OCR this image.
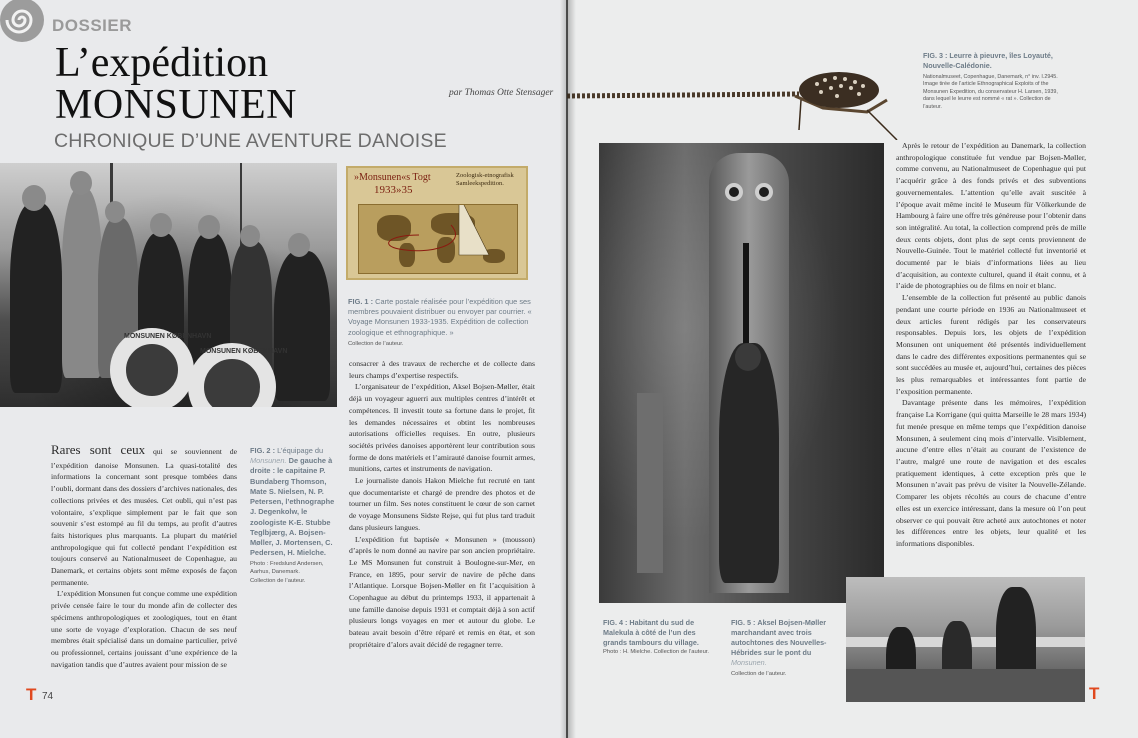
DOSSIER
L’expédition
MONSUNEN	par Thomas Otte Stensager
CHRONIQUE D’UNE AVENTURE DANOISE
MONSUNEN KØBENHAVN
MONSUNEN KØBENHAVN
»Monsunen«s Togt
1933»35
Zoologisk-etnografisk Samleekspedition.
FIG. 1 : Carte postale réalisée pour l’expédition que ses membres pouvaient distribuer ou envoyer par courrier. « Voyage Monsunen 1933-1935. Expédition de collection zoologique et ethnographique. »
Collection de l’auteur.
FIG. 2 : L’équipage du Monsunen. De gauche à droite : le capitaine P. Bundaberg Thomson, Mate S. Nielsen, N. P. Petersen, l’ethnographe J. Degenkolw, le zoologiste K-E. Stubbe Teglbjærg, A. Bojsen-Møller, J. Mortensen, C. Pedersen, H. Mielche.
Photo : Fredslund Andersen, Aarhus, Danemark.
Collection de l’auteur.

Rares sont ceux qui se souviennent de l’expédition danoise Monsunen. La quasi-totalité des informations la concernant sont presque tombées dans l’oubli, dormant dans des dossiers d’archives nationales, des collections privées et des musées. Cet oubli, qui n’est pas volontaire, s’explique simplement par le fait que son souvenir s’est estompé au fil du temps, au profit d’autres faits historiques plus marquants. La plupart du matériel anthropologique qui fut collecté pendant l’expédition est toujours conservé au Nationalmuseet de Copenhague, au Danemark, et certains objets sont même exposés de façon permanente.

L’expédition Monsunen fut conçue comme une expédition privée censée faire le tour du monde afin de collecter des spécimens anthropologiques et zoologiques, tout en étant une sorte de voyage d’exploration. Chacun de ses neuf membres était spécialisé dans un domaine particulier, privé ou professionnel, certains jouissant d’une expérience de la navigation tandis que d’autres avaient pour mission de se

consacrer à des travaux de recherche et de collecte dans leurs champs d’expertise respectifs.

L’organisateur de l’expédition, Aksel Bojsen-Møller, était déjà un voyageur aguerri aux multiples centres d’intérêt et compétences. Il investit toute sa fortune dans le projet, fit les demandes nécessaires et obtint les nombreuses autorisations officielles requises. En outre, plusieurs sociétés privées danoises apportèrent leur contribution sous forme de dons matériels et l’amirauté danoise fournit armes, munitions, cartes et instruments de navigation.

Le journaliste danois Hakon Mielche fut recruté en tant que documentariste et chargé de prendre des photos et de tourner un film. Ses notes constituent le cœur de son carnet de voyage Monsunens Sidste Rejse, qui fut plus tard traduit dans plusieurs langues.

L’expédition fut baptisée « Monsunen » (mousson) d’après le nom donné au navire par son ancien propriétaire. Le MS Monsunen fut construit à Boulogne-sur-Mer, en France, en 1895, pour servir de navire de pêche dans l’Atlantique. Lorsque Bojsen-Møller en fit l’acquisition à Copenhague au début du printemps 1933, il appartenait à une famille danoise depuis 1931 et comptait déjà à son actif plusieurs longs voyages en mer et autour du globe. Le bateau avait besoin d’être réparé et remis en état, et son propriétaire d’alors avait décidé de regagner terre.

T 74
FIG. 3 : Leurre à pieuvre, îles Loyauté, Nouvelle-Calédonie.
Nationalmuseet, Copenhague, Danemark, n° inv. I.2945. Image tirée de l’article Ethnographical Exploits of the Monsunen Expedition, du conservateur H. Larsen, 1939, dans lequel le leurre est nommé « rat ». Collection de l’auteur.
FIG. 4 : Habitant du sud de Malekula à côté de l’un des grands tambours du village.
Photo : H. Mielche. Collection de l’auteur.
FIG. 5 : Aksel Bojsen-Møller marchandant avec trois autochtones des Nouvelles-Hébrides sur le pont du Monsunen.
Collection de l’auteur.

Après le retour de l’expédition au Danemark, la collection anthropologique constituée fut vendue par Bojsen-Møller, comme convenu, au Nationalmuseet de Copenhague qui put l’acquérir grâce à des fonds privés et des subventions gouvernementales. L’attention qu’elle avait suscitée à l’époque avait même incité le Museum für Völkerkunde de Hambourg à faire une offre très généreuse pour l’obtenir dans son intégralité. Au total, la collection comprend près de mille deux cents objets, dont plus de sept cents proviennent de Nouvelle-Guinée. Tout le matériel collecté fut inventorié et documenté par le biais d’informations liées au lieu d’acquisition, au contexte culturel, quand il était connu, et à l’aide de photographies ou de films en noir et blanc.

L’ensemble de la collection fut présenté au public danois pendant une courte période en 1936 au Nationalmuseet et deux articles furent rédigés par les conservateurs responsables. Depuis lors, les objets de l’expédition Monsunen ont uniquement été présentés individuellement dans le cadre des différentes expositions permanentes qui se sont succédées au musée et, aujourd’hui, certaines des pièces les plus remarquables et intéressantes font partie de l’exposition permanente.

Davantage présente dans les mémoires, l’expédition française La Korrigane (qui quitta Marseille le 28 mars 1934) fut menée presque en même temps que l’expédition danoise Monsunen, à seulement cinq mois d’intervalle. Visiblement, aucune d’entre elles n’était au courant de l’existence de l’autre, malgré une route de navigation et des escales pratiquement identiques, à cette exception près que le Monsunen n’avait pas prévu de visiter la Nouvelle-Zélande. Comparer les objets récoltés au cours de chacune d’entre elles est un exercice intéressant, dans la mesure où l’on peut observer ce qui pouvait être acheté aux autochtones et noter les différences entre les objets, leur qualité et les informations disponibles.

T
